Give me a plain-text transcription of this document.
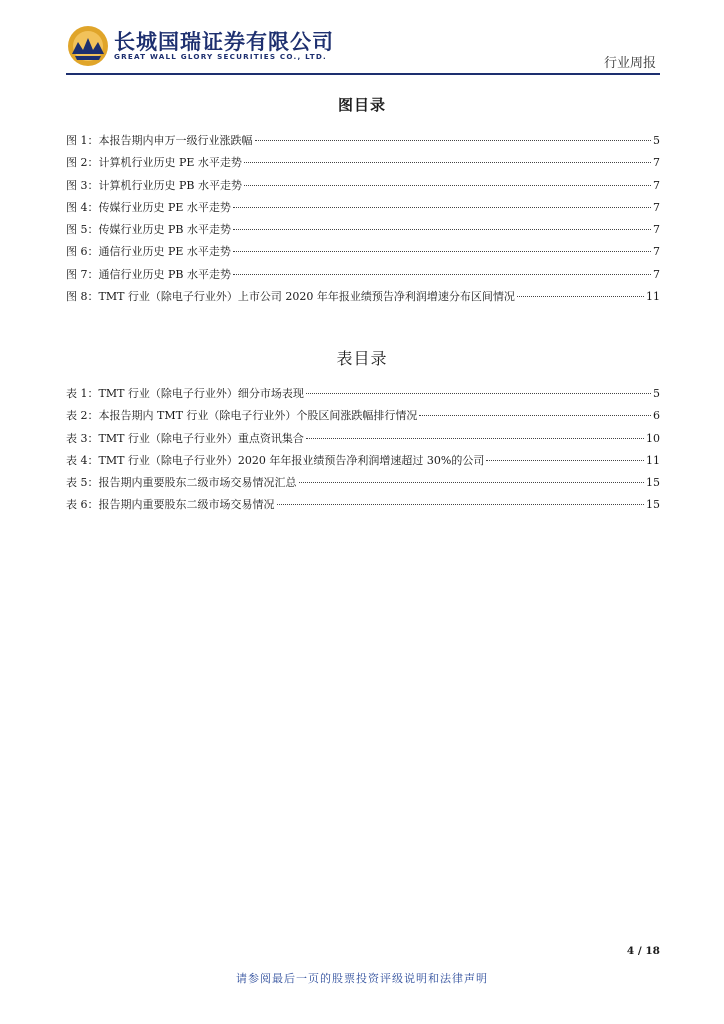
长城国瑞证券有限公司
GREAT WALL GLORY SECURITIES CO., LTD.	行业周报
图目录
图 1：本报告期内申万一级行业涨跌幅	5
图 2：计算机行业历史 PE 水平走势	7
图 3：计算机行业历史 PB 水平走势	7
图 4：传媒行业历史 PE 水平走势	7
图 5：传媒行业历史 PB 水平走势	7
图 6：通信行业历史 PE 水平走势	7
图 7：通信行业历史 PB 水平走势	7
图 8：TMT 行业（除电子行业外）上市公司 2020 年年报业绩预告净利润增速分布区间情况	11
表目录
表 1：TMT 行业（除电子行业外）细分市场表现	5
表 2：本报告期内 TMT 行业（除电子行业外）个股区间涨跌幅排行情况	6
表 3：TMT 行业（除电子行业外）重点资讯集合	10
表 4：TMT 行业（除电子行业外）2020 年年报业绩预告净利润增速超过 30%的公司	11
表 5：报告期内重要股东二级市场交易情况汇总	15
表 6：报告期内重要股东二级市场交易情况	15
4 / 18
请参阅最后一页的股票投资评级说明和法律声明
